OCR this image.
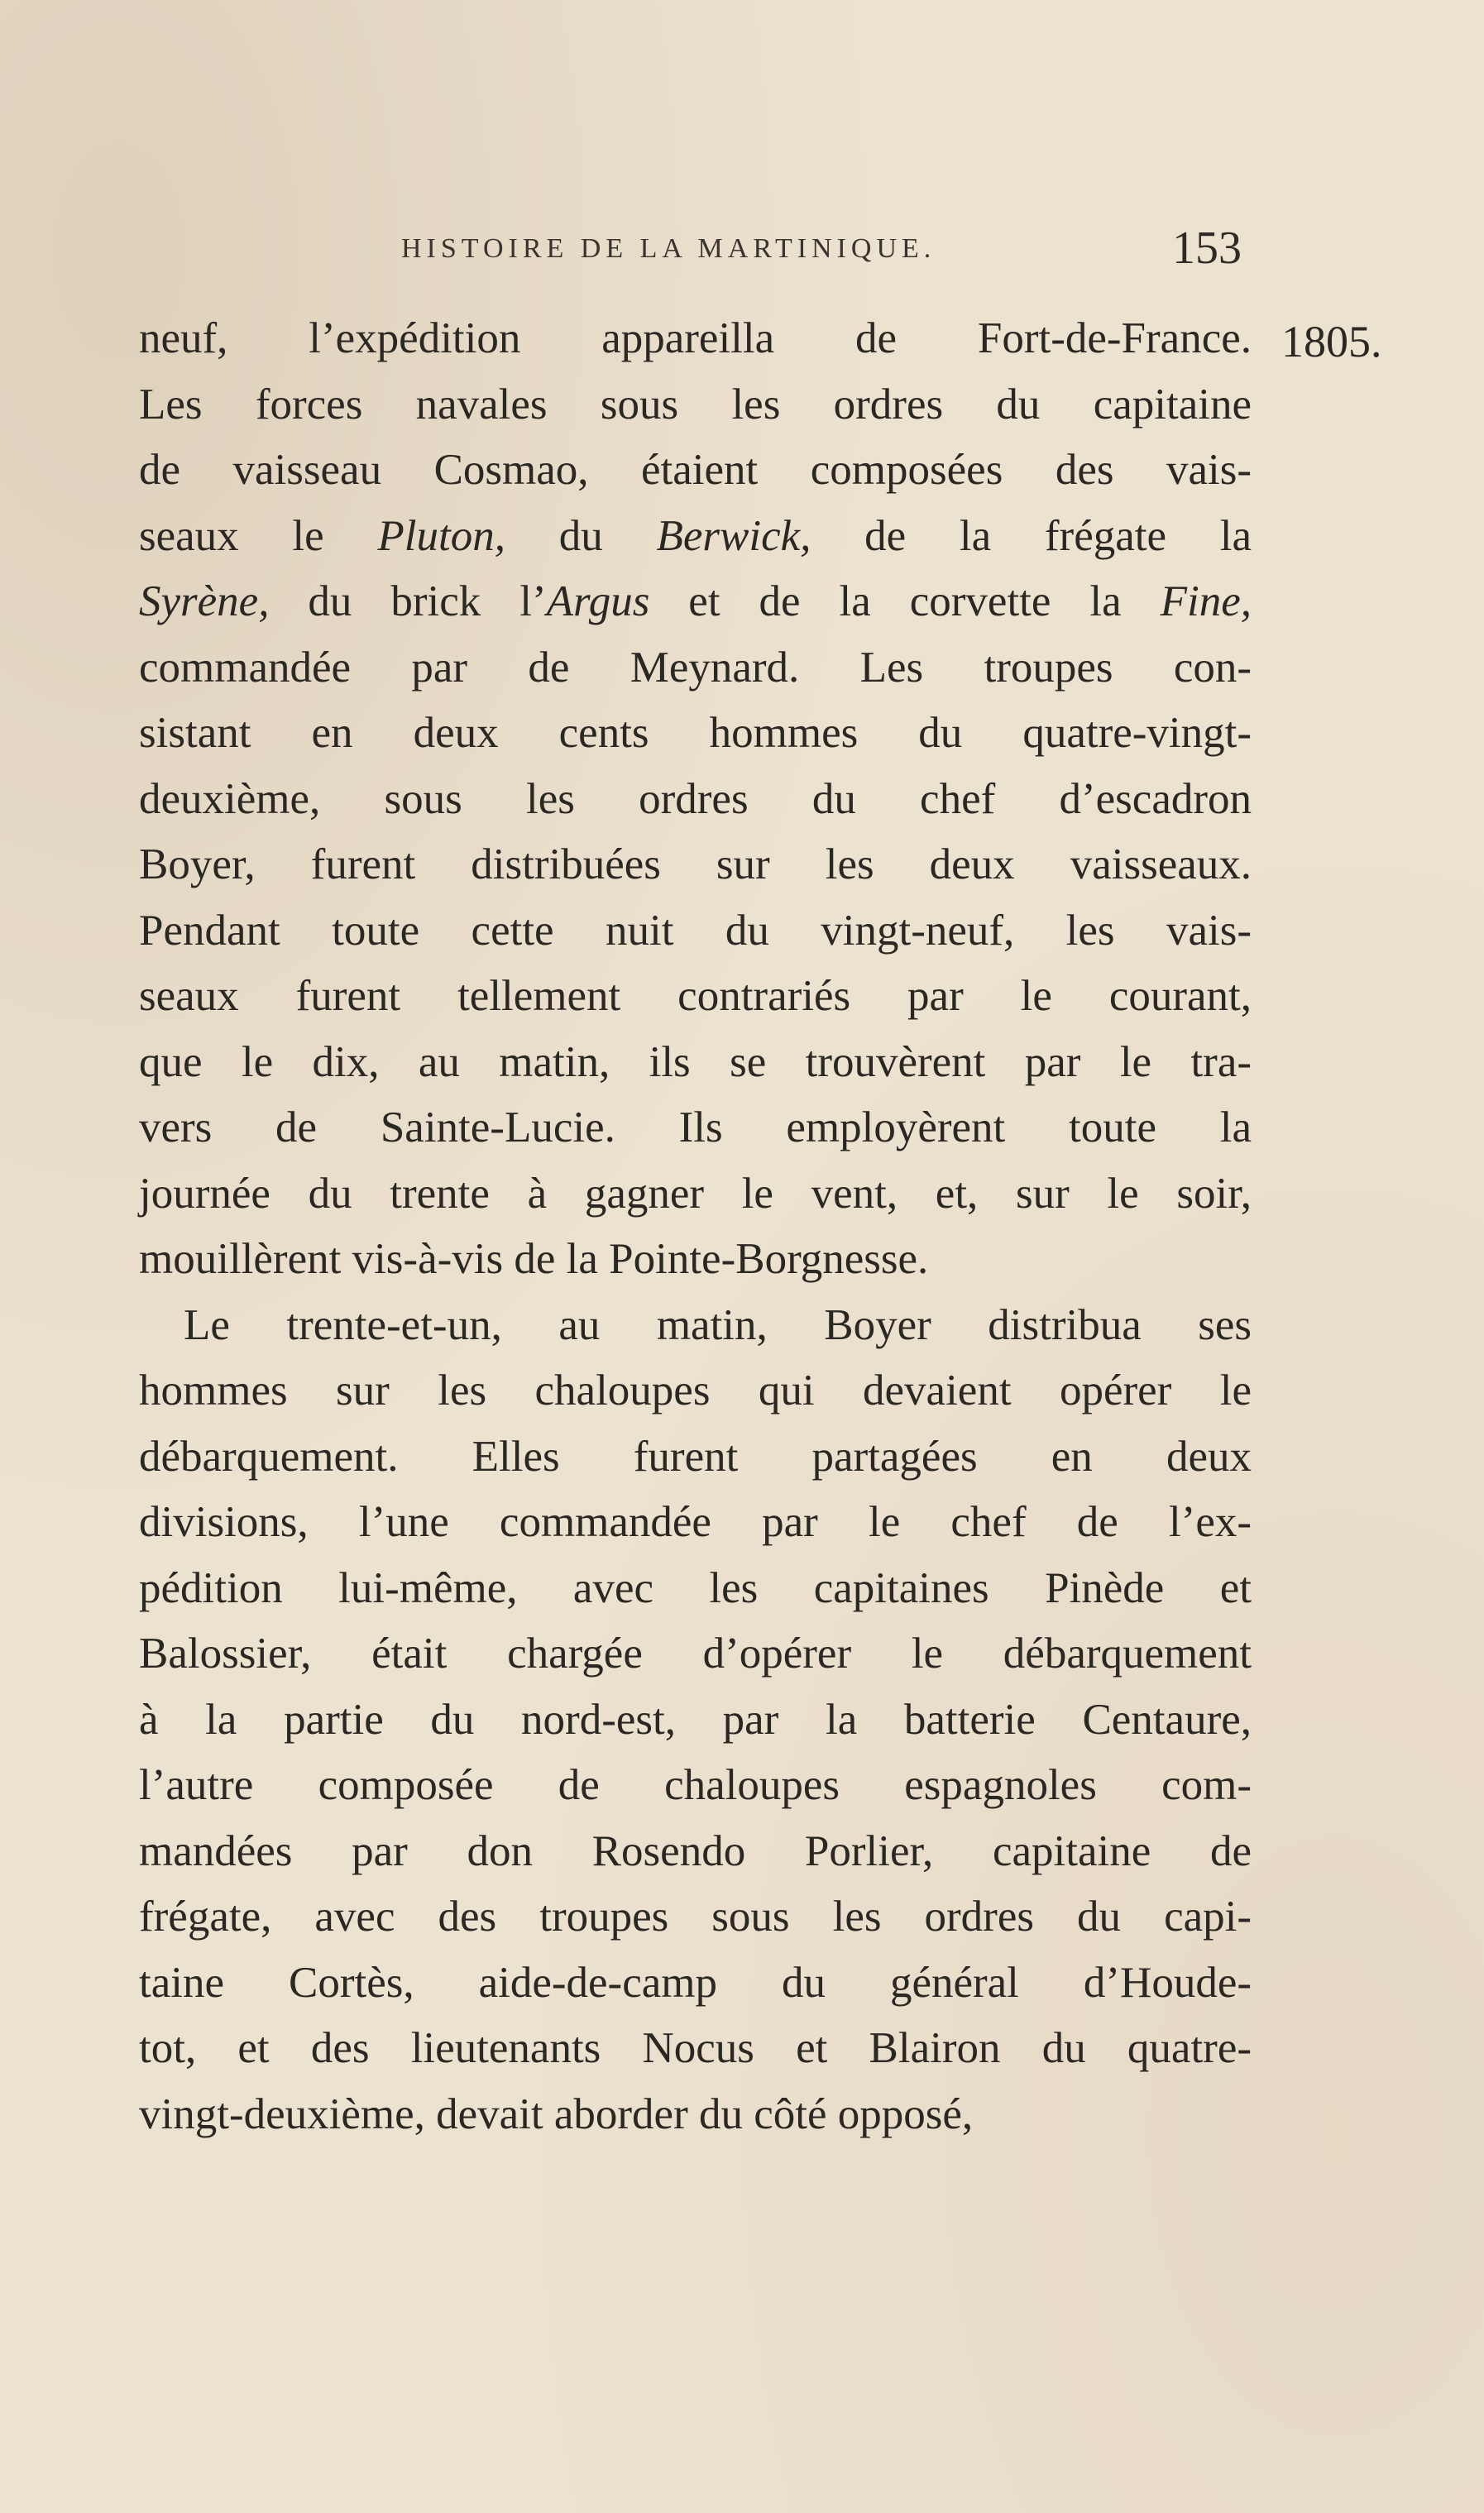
HISTOIRE DE LA MARTINIQUE.	153
1805.
neuf, l’expédition appareilla de Fort-de-France.
Les forces navales sous les ordres du capitaine
de vaisseau Cosmao, étaient composées des vais-
seaux le Pluton, du Berwick, de la frégate la
Syrène, du brick l’Argus et de la corvette la Fine,
commandée par de Meynard. Les troupes con-
sistant en deux cents hommes du quatre-vingt-
deuxième, sous les ordres du chef d’escadron
Boyer, furent distribuées sur les deux vaisseaux.
Pendant toute cette nuit du vingt-neuf, les vais-
seaux furent tellement contrariés par le courant,
que le dix, au matin, ils se trouvèrent par le tra-
vers de Sainte-Lucie. Ils employèrent toute la
journée du trente à gagner le vent, et, sur le soir,
mouillèrent vis-à-vis de la Pointe-Borgnesse.
Le trente-et-un, au matin, Boyer distribua ses
hommes sur les chaloupes qui devaient opérer le
débarquement. Elles furent partagées en deux
divisions, l’une commandée par le chef de l’ex-
pédition lui-même, avec les capitaines Pinède et
Balossier, était chargée d’opérer le débarquement
à la partie du nord-est, par la batterie Centaure,
l’autre composée de chaloupes espagnoles com-
mandées par don Rosendo Porlier, capitaine de
frégate, avec des troupes sous les ordres du capi-
taine Cortès, aide-de-camp du général d’Houde-
tot, et des lieutenants Nocus et Blairon du quatre-
vingt-deuxième, devait aborder du côté opposé,
